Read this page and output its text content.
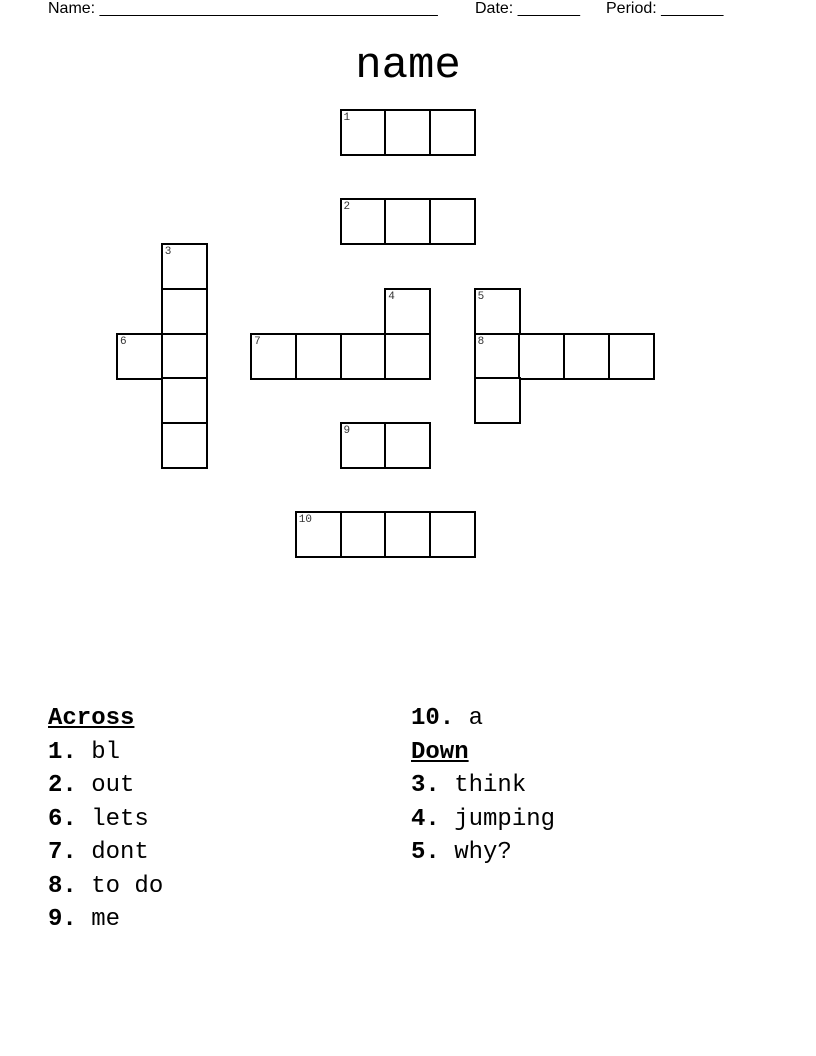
Name: ______________________________________ Date: _______ Period: _______
name
1
2
3
4	5
6	7	8
9
10
Across
1. bl
2. out
6. lets
7. dont
8. to do
9. me
10. a
Down
3. think
4. jumping
5. why?
